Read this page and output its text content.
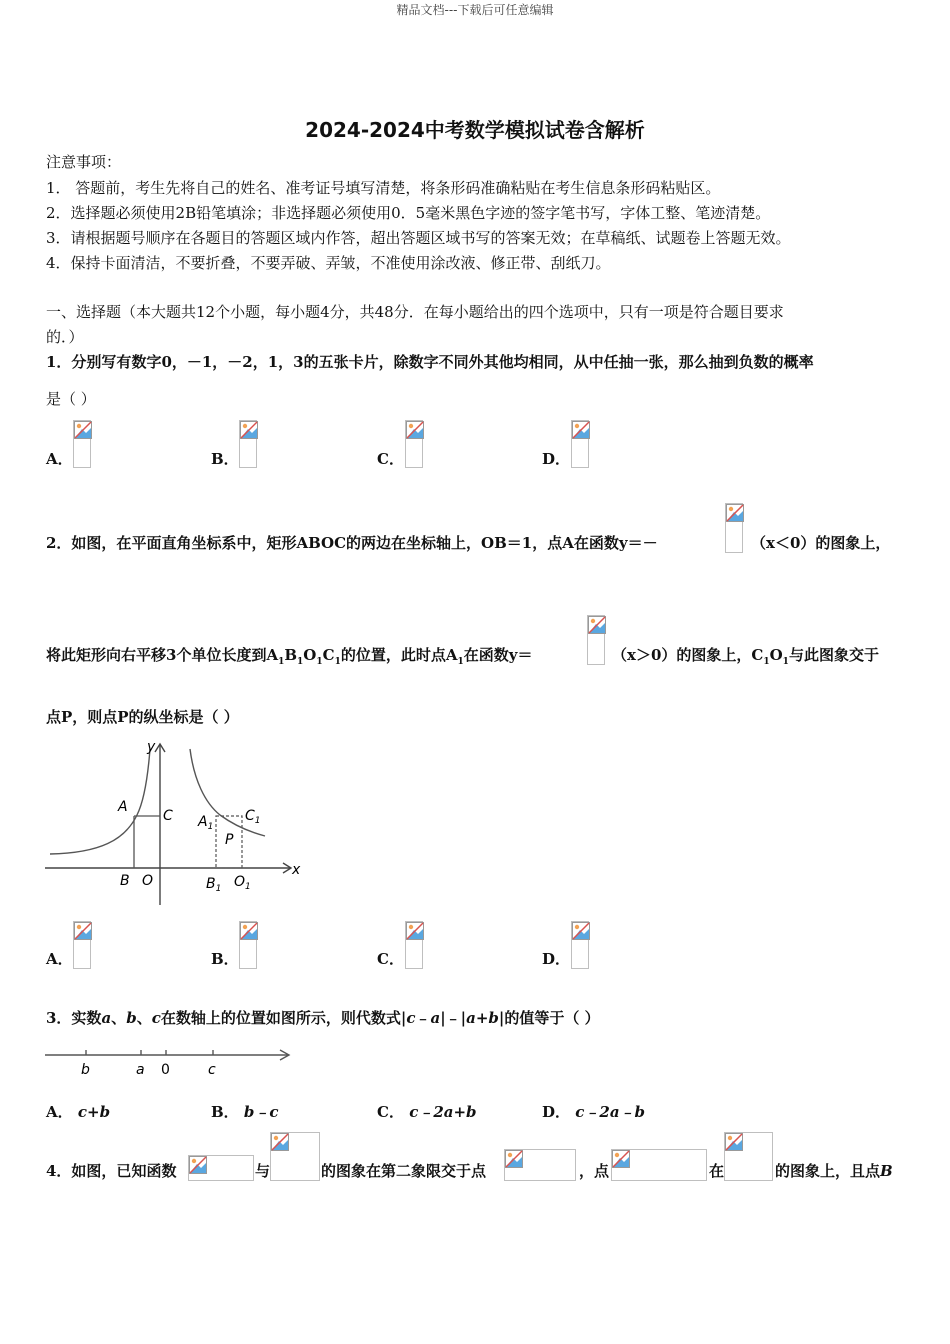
精品文档---下载后可任意编辑
2024-2024中考数学模拟试卷含解析
注意事项：
1． 答题前，考生先将自己的姓名、准考证号填写清楚，将条形码准确粘贴在考生信息条形码粘贴区。
2．选择题必须使用2B铅笔填涂；非选择题必须使用0．5毫米黑色字迹的签字笔书写，字体工整、笔迹清楚。
3．请根据题号顺序在各题目的答题区域内作答，超出答题区域书写的答案无效；在草稿纸、试题卷上答题无效。
4．保持卡面清洁，不要折叠，不要弄破、弄皱，不准使用涂改液、修正带、刮纸刀。
一、选择题（本大题共12个小题，每小题4分，共48分．在每小题给出的四个选项中，只有一项是符合题目要求
的．）
1．分别写有数字0，－1，－2，1，3的五张卡片，除数字不同外其他均相同，从中任抽一张，那么抽到负数的概率
是（ ）
A．	B．	C．	D．
2．如图，在平面直角坐标系中，矩形ABOC的两边在坐标轴上，OB＝1，点A在函数y＝－	（x＜0）的图象上，
将此矩形向右平移3个单位长度到$A_1B_1O_1C_1$的位置，此时点$A_1$在函数y＝	（x＞0）的图象上，$C_1O_1$与此图象交于
点P，则点P的纵坐标是（ ）
y
x
A
C
B O
$A_1$
$C_1$
P
$B_1$ $O_1$
A．	B．	C．	D．
3．实数a、b、c在数轴上的位置如图所示，则代数式|c﹣a|﹣|a+b|的值等于（ ）
b	a 0	c
A． c+b	B． b﹣c	C． c﹣2a+b	D． c﹣2a﹣b
4．如图，已知函数	与	的图象在第二象限交于点	，点	在	的图象上，且点B
